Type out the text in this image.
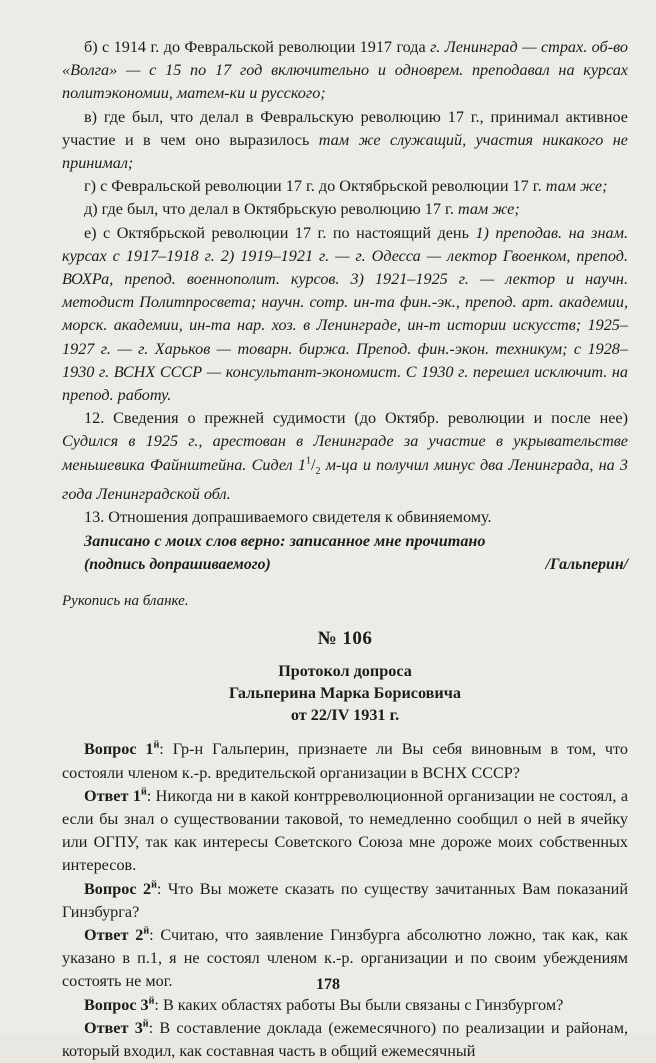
б) с 1914 г. до Февральской революции 1917 года г. Ленинград — страх. об-во «Волга» — с 15 по 17 год включительно и одноврем. преподавал на курсах политэкономии, матем-ки и русского;

в) где был, что делал в Февральскую революцию 17 г., принимал активное участие и в чем оно выразилось там же служащий, участия никакого не принимал;

г) с Февральской революции 17 г. до Октябрьской революции 17 г. там же;

д) где был, что делал в Октябрьскую революцию 17 г. там же;

е) с Октябрьской революции 17 г. по настоящий день 1) преподав. на знам. курсах с 1917–1918 г. 2) 1919–1921 г. — г. Одесса — лектор Гвоенком, препод. ВОХРа, препод. военнополит. курсов. 3) 1921–1925 г. — лектор и научн. методист Политпросвета; научн. сотр. ин-та фин.-эк., препод. арт. академии, морск. академии, ин-та нар. хоз. в Ленинграде, ин-т истории искусств; 1925–1927 г. — г. Харьков — товарн. биржа. Препод. фин.-экон. техникум; с 1928–1930 г. ВСНХ СССР — консультант-экономист. С 1930 г. перешел исключит. на препод. работу.

12. Сведения о прежней судимости (до Октябр. революции и после нее) Судился в 1925 г., арестован в Ленинграде за участие в укрывательстве меньшевика Файнштейна. Сидел $1^1/_2$ м-ца и получил минус два Ленинграда, на 3 года Ленинградской обл.

13. Отношения допрашиваемого свидетеля к обвиняемому.

Записано с моих слов верно: записанное мне прочитано

(подпись допрашиваемого)	/Гальперин/

Рукопись на бланке.

№ 106
Протокол допроса
Гальперина Марка Борисовича
от 22/IV 1931 г.

Вопрос $1^й$: Гр-н Гальперин, признаете ли Вы себя виновным в том, что состояли членом к.-р. вредительской организации в ВСНХ СССР?

Ответ $1^й$: Никогда ни в какой контрреволюционной организации не состоял, а если бы знал о существовании таковой, то немедленно сообщил о ней в ячейку или ОГПУ, так как интересы Советского Союза мне дороже моих собственных интересов.

Вопрос $2^й$: Что Вы можете сказать по существу зачитанных Вам показаний Гинзбурга?

Ответ $2^й$: Считаю, что заявление Гинзбурга абсолютно ложно, так как, как указано в п.1, я не состоял членом к.-р. организации и по своим убеждениям состоять не мог.

Вопрос $3^й$: В каких областях работы Вы были связаны с Гинзбургом?

Ответ $3^й$: В составление доклада (ежемесячного) по реализации и районам, который входил, как составная часть в общий ежемесячный

178
